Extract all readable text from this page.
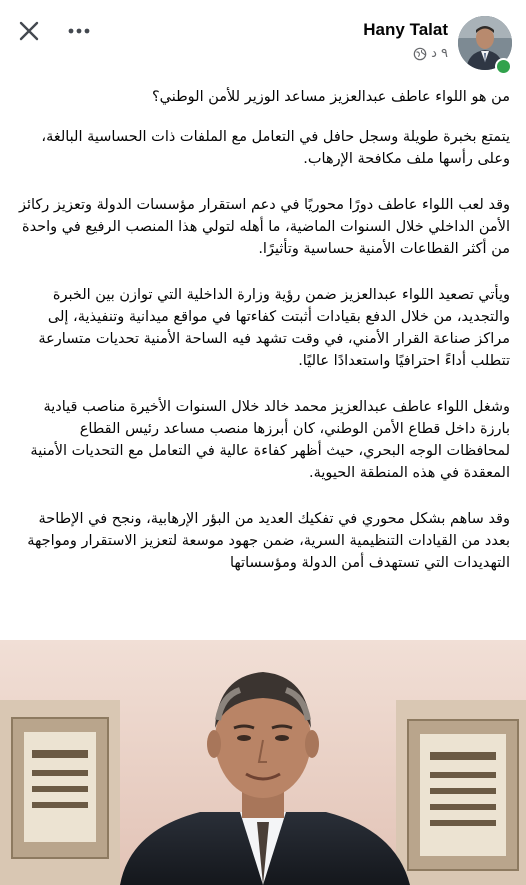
Hany Talat
٩ د

من هو اللواء عاطف عبدالعزيز مساعد الوزير للأمن الوطني؟

يتمتع بخبرة طويلة وسجل حافل في التعامل مع الملفات ذات الحساسية البالغة، وعلى رأسها ملف مكافحة الإرهاب.

وقد لعب اللواء عاطف دورًا محوريًا في دعم استقرار مؤسسات الدولة وتعزيز ركائز الأمن الداخلي خلال السنوات الماضية، ما أهله لتولي هذا المنصب الرفيع في واحدة من أكثر القطاعات الأمنية حساسية وتأثيرًا.

ويأتي تصعيد اللواء عبدالعزيز ضمن رؤية وزارة الداخلية التي توازن بين الخبرة والتجديد، من خلال الدفع بقيادات أثبتت كفاءتها في مواقع ميدانية وتنفيذية، إلى مراكز صناعة القرار الأمني، في وقت تشهد فيه الساحة الأمنية تحديات متسارعة تتطلب أداءً احترافيًا واستعدادًا عاليًا.

وشغل اللواء عاطف عبدالعزيز محمد خالد خلال السنوات الأخيرة مناصب قيادية بارزة داخل قطاع الأمن الوطني، كان أبرزها منصب مساعد رئيس القطاع لمحافظات الوجه البحري، حيث أظهر كفاءة عالية في التعامل مع التحديات الأمنية المعقدة في هذه المنطقة الحيوية.

وقد ساهم بشكل محوري في تفكيك العديد من البؤر الإرهابية، ونجح في الإطاحة بعدد من القيادات التنظيمية السرية، ضمن جهود موسعة لتعزيز الاستقرار ومواجهة التهديدات التي تستهدف أمن الدولة ومؤسساتها
